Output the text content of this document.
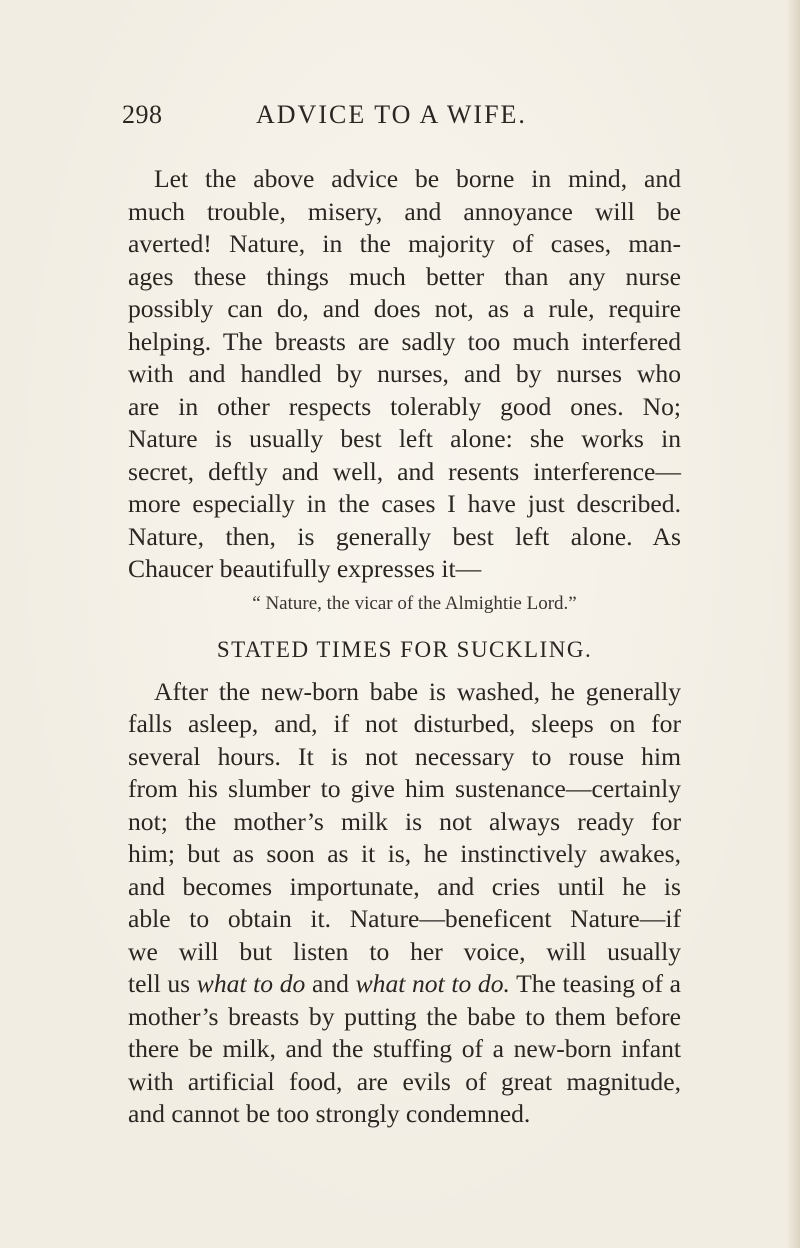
298	ADVICE TO A WIFE.
Let the above advice be borne in mind, and
much trouble, misery, and annoyance will be
averted! Nature, in the majority of cases, man-
ages these things much better than any nurse
possibly can do, and does not, as a rule, require
helping. The breasts are sadly too much interfered
with and handled by nurses, and by nurses who
are in other respects tolerably good ones. No;
Nature is usually best left alone: she works in
secret, deftly and well, and resents interference—
more especially in the cases I have just described.
Nature, then, is generally best left alone. As
Chaucer beautifully expresses it—
“ Nature, the vicar of the Almightie Lord.”
STATED TIMES FOR SUCKLING.
After the new-born babe is washed, he generally
falls asleep, and, if not disturbed, sleeps on for
several hours. It is not necessary to rouse him
from his slumber to give him sustenance—certainly
not; the mother’s milk is not always ready for
him; but as soon as it is, he instinctively awakes,
and becomes importunate, and cries until he is
able to obtain it. Nature—beneficent Nature—if
we will but listen to her voice, will usually
tell us what to do and what not to do. The teasing of a
mother’s breasts by putting the babe to them before
there be milk, and the stuffing of a new-born infant
with artificial food, are evils of great magnitude,
and cannot be too strongly condemned.
